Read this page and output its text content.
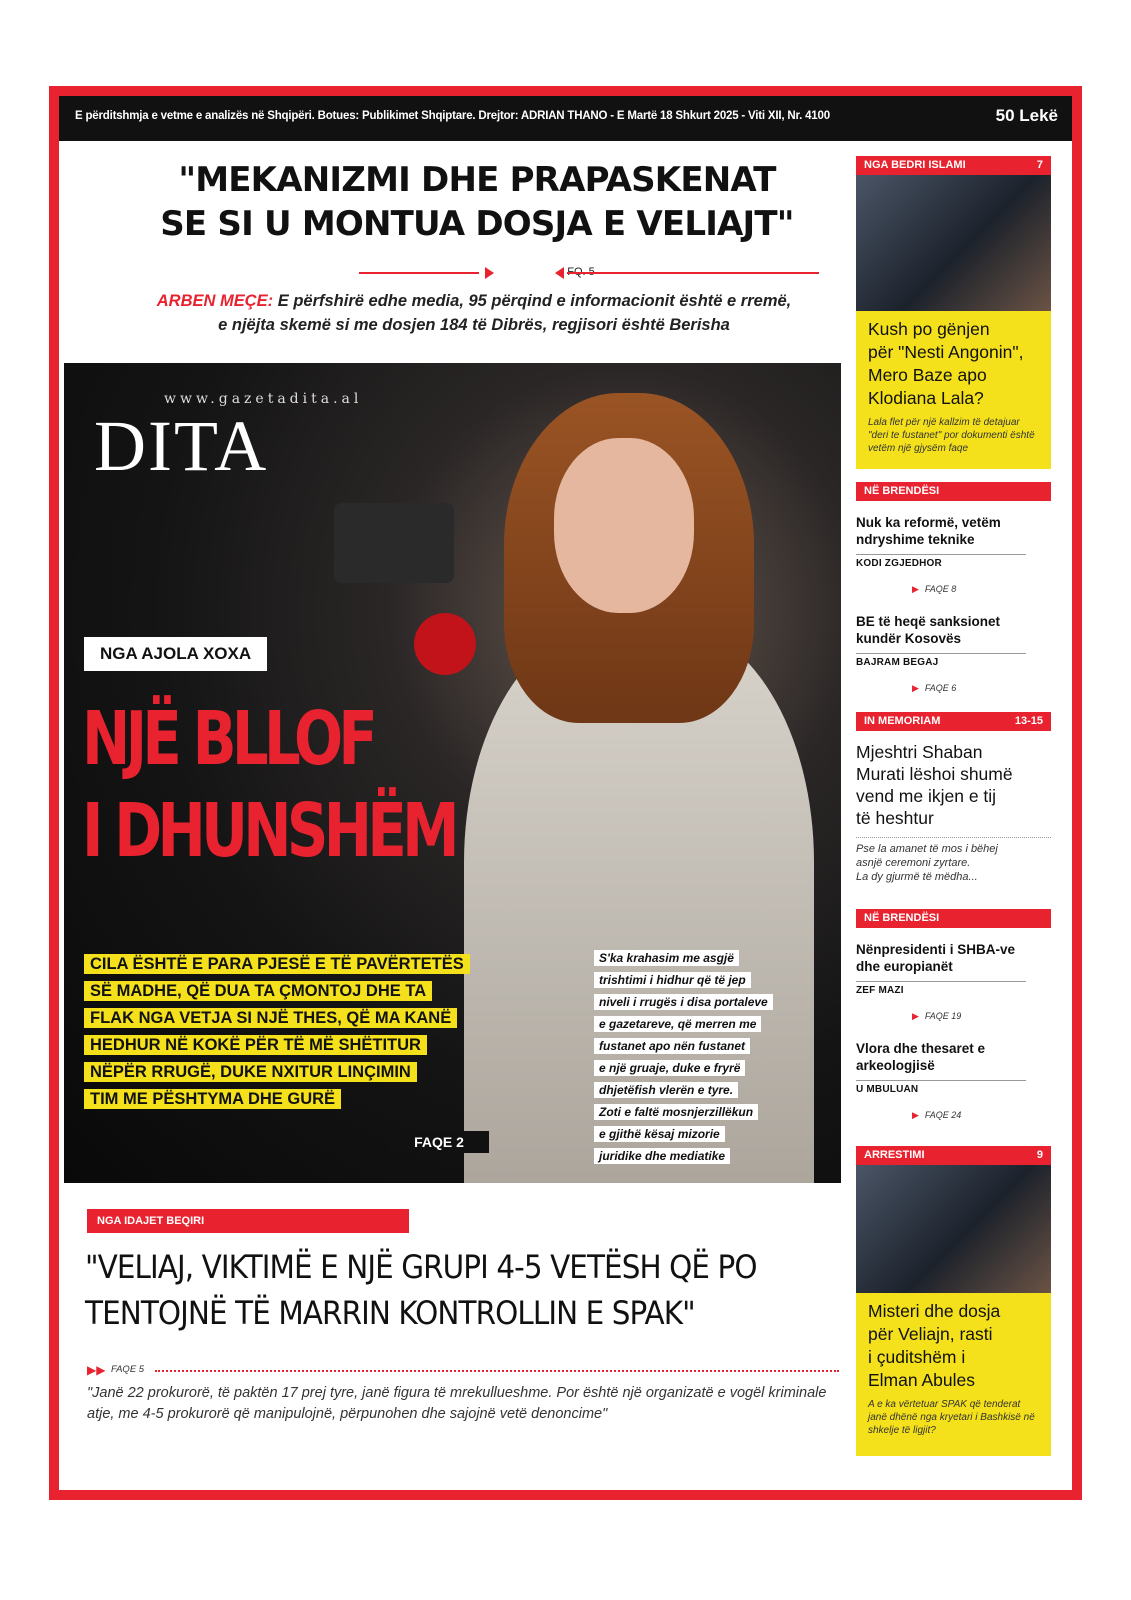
E përditshmja e vetme e analizës në Shqipëri. Botues: Publikimet Shqiptare. Drejtor: ADRIAN THANO - E Martë 18 Shkurt 2025 - Viti XII, Nr. 4100	50 Lekë
"MEKANIZMI DHE PRAPASKENAT
SE SI U MONTUA DOSJA E VELIAJT"
ARBEN MEÇE: E përfshirë edhe media, 95 përqind e informacionit është e rremë,
e njëjta skemë si me dosjen 184 të Dibrës, regjisori është Berisha
www.gazetadita.al
DITA
NGA AJOLA XOXA
NJË BLLOF
I DHUNSHËM
CILA ËSHTË E PARA PJESË E TË PAVËRTETËS
SË MADHE, QË DUA TA ÇMONTOJ DHE TA
FLAK NGA VETJA SI NJË THES, QË MA KANË
HEDHUR NË KOKË PËR TË MË SHËTITUR
NËPËR RRUGË, DUKE NXITUR LINÇIMIN
TIM ME PËSHTYMA DHE GURË
FAQE 2
S'ka krahasim me asgjë
trishtimi i hidhur që të jep
niveli i rrugës i disa portaleve
e gazetareve, që merren me
fustanet apo nën fustanet
e një gruaje, duke e fryrë
dhjetëfish vlerën e tyre.
Zoti e faltë mosnjerzillëkun
e gjithë kësaj mizorie
juridike dhe mediatike
NGA BEDRI ISLAMI	7
Kush po gënjen
për "Nesti Angonin",
Mero Baze apo
Klodiana Lala?
Lala flet për një kallzim të detajuar "deri te fustanet" por dokumenti është vetëm një gjysëm faqe
NË BRENDËSI
Nuk ka reformë, vetëm ndryshime teknike
KODI ZGJEDHOR
▶ FAQE 8
BE të heqë sanksionet kundër Kosovës
BAJRAM BEGAJ
▶ FAQE 6
IN MEMORIAM	13-15
Mjeshtri Shaban
Murati lëshoi shumë
vend me ikjen e tij
të heshtur
Pse la amanet të mos i bëhej
asnjë ceremoni zyrtare.
La dy gjurmë të mëdha...
NË BRENDËSI
Nënpresidenti i SHBA-ve dhe europianët
ZEF MAZI
▶ FAQE 19
Vlora dhe thesaret e arkeologjisë
U MBULUAN
▶ FAQE 24
ARRESTIMI	9
Misteri dhe dosja
për Veliajn, rasti
i çuditshëm i
Elman Abules
A e ka vërtetuar SPAK që tenderat janë dhënë nga kryetari i Bashkisë në shkelje të ligjit?
NGA IDAJET BEQIRI
"VELIAJ, VIKTIMË E NJË GRUPI 4-5 VETËSH QË PO
TENTOJNË TË MARRIN KONTROLLIN E SPAK"
▶▶ FAQE 5
"Janë 22 prokurorë, të paktën 17 prej tyre, janë figura të mrekullueshme. Por është një organizatë e vogël kriminale atje, me 4-5 prokurorë që manipulojnë, përpunohen dhe sajojnë vetë denoncime"
